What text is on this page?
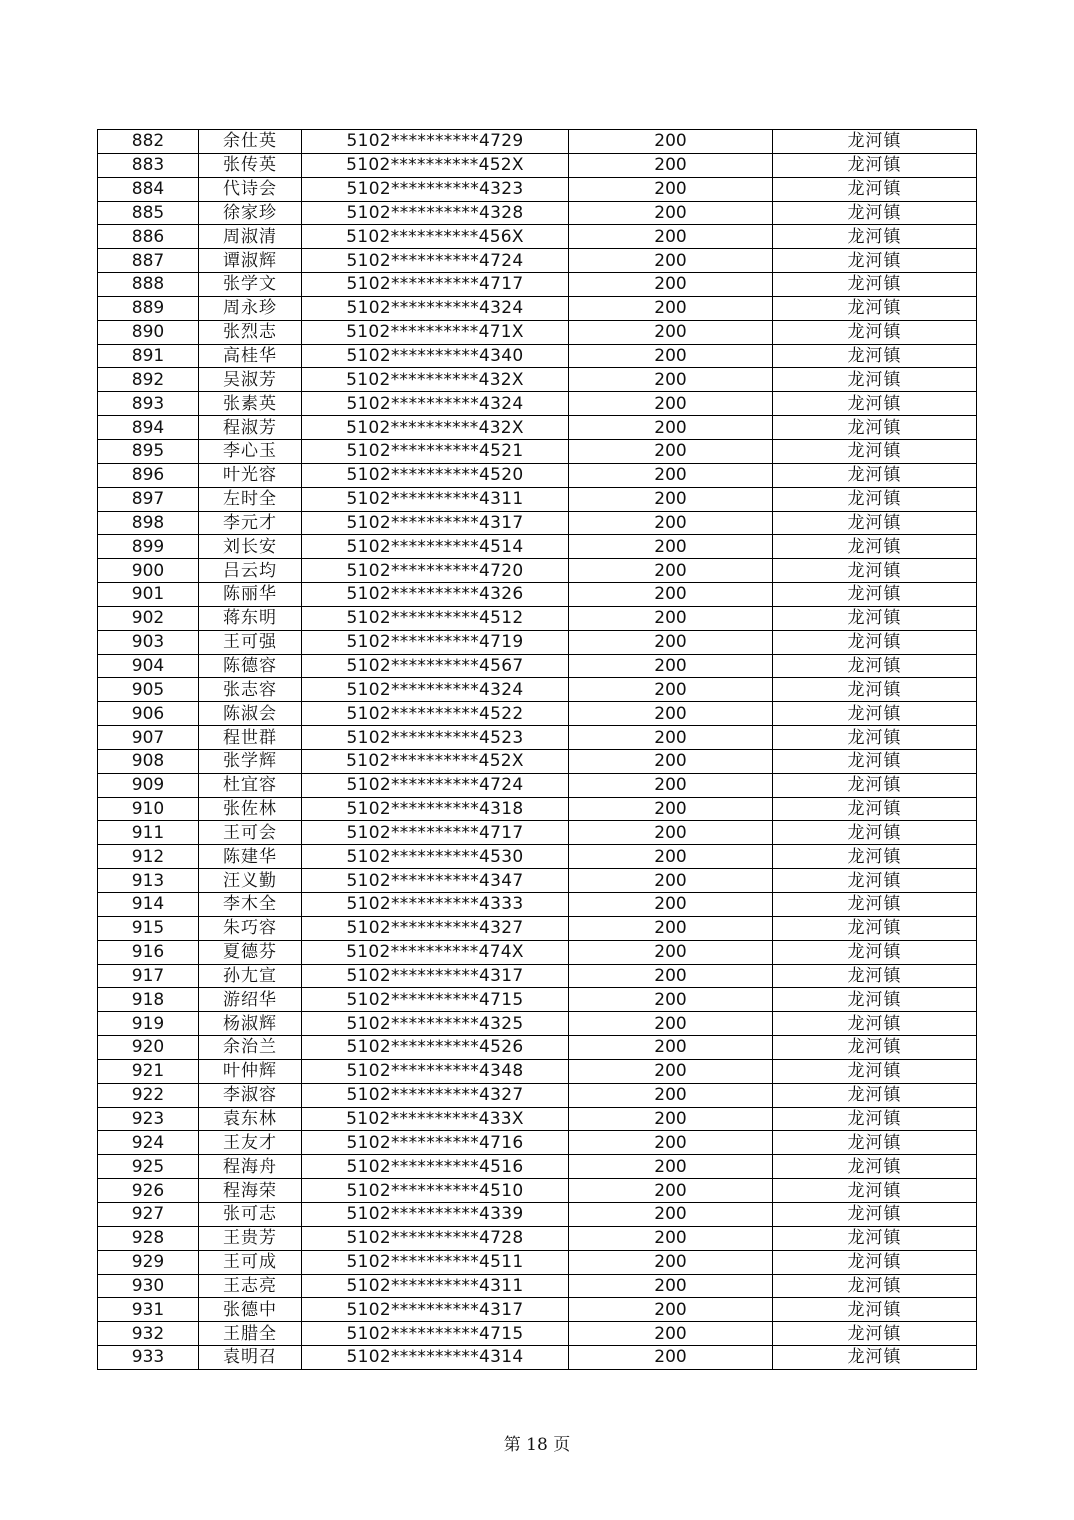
882	余仕英	5102**********4729	200	龙河镇
883	张传英	5102**********452X	200	龙河镇
884	代诗会	5102**********4323	200	龙河镇
885	徐家珍	5102**********4328	200	龙河镇
886	周淑清	5102**********456X	200	龙河镇
887	谭淑辉	5102**********4724	200	龙河镇
888	张学文	5102**********4717	200	龙河镇
889	周永珍	5102**********4324	200	龙河镇
890	张烈志	5102**********471X	200	龙河镇
891	高桂华	5102**********4340	200	龙河镇
892	吴淑芳	5102**********432X	200	龙河镇
893	张素英	5102**********4324	200	龙河镇
894	程淑芳	5102**********432X	200	龙河镇
895	李心玉	5102**********4521	200	龙河镇
896	叶光容	5102**********4520	200	龙河镇
897	左时全	5102**********4311	200	龙河镇
898	李元才	5102**********4317	200	龙河镇
899	刘长安	5102**********4514	200	龙河镇
900	吕云均	5102**********4720	200	龙河镇
901	陈丽华	5102**********4326	200	龙河镇
902	蒋东明	5102**********4512	200	龙河镇
903	王可强	5102**********4719	200	龙河镇
904	陈德容	5102**********4567	200	龙河镇
905	张志容	5102**********4324	200	龙河镇
906	陈淑会	5102**********4522	200	龙河镇
907	程世群	5102**********4523	200	龙河镇
908	张学辉	5102**********452X	200	龙河镇
909	杜宜容	5102**********4724	200	龙河镇
910	张佐林	5102**********4318	200	龙河镇
911	王可会	5102**********4717	200	龙河镇
912	陈建华	5102**********4530	200	龙河镇
913	汪义勤	5102**********4347	200	龙河镇
914	李木全	5102**********4333	200	龙河镇
915	朱巧容	5102**********4327	200	龙河镇
916	夏德芬	5102**********474X	200	龙河镇
917	孙尢宣	5102**********4317	200	龙河镇
918	游绍华	5102**********4715	200	龙河镇
919	杨淑辉	5102**********4325	200	龙河镇
920	余治兰	5102**********4526	200	龙河镇
921	叶仲辉	5102**********4348	200	龙河镇
922	李淑容	5102**********4327	200	龙河镇
923	袁东林	5102**********433X	200	龙河镇
924	王友才	5102**********4716	200	龙河镇
925	程海舟	5102**********4516	200	龙河镇
926	程海荣	5102**********4510	200	龙河镇
927	张可志	5102**********4339	200	龙河镇
928	王贵芳	5102**********4728	200	龙河镇
929	王可成	5102**********4511	200	龙河镇
930	王志亮	5102**********4311	200	龙河镇
931	张德中	5102**********4317	200	龙河镇
932	王腊全	5102**********4715	200	龙河镇
933	袁明召	5102**********4314	200	龙河镇
第 18 页
